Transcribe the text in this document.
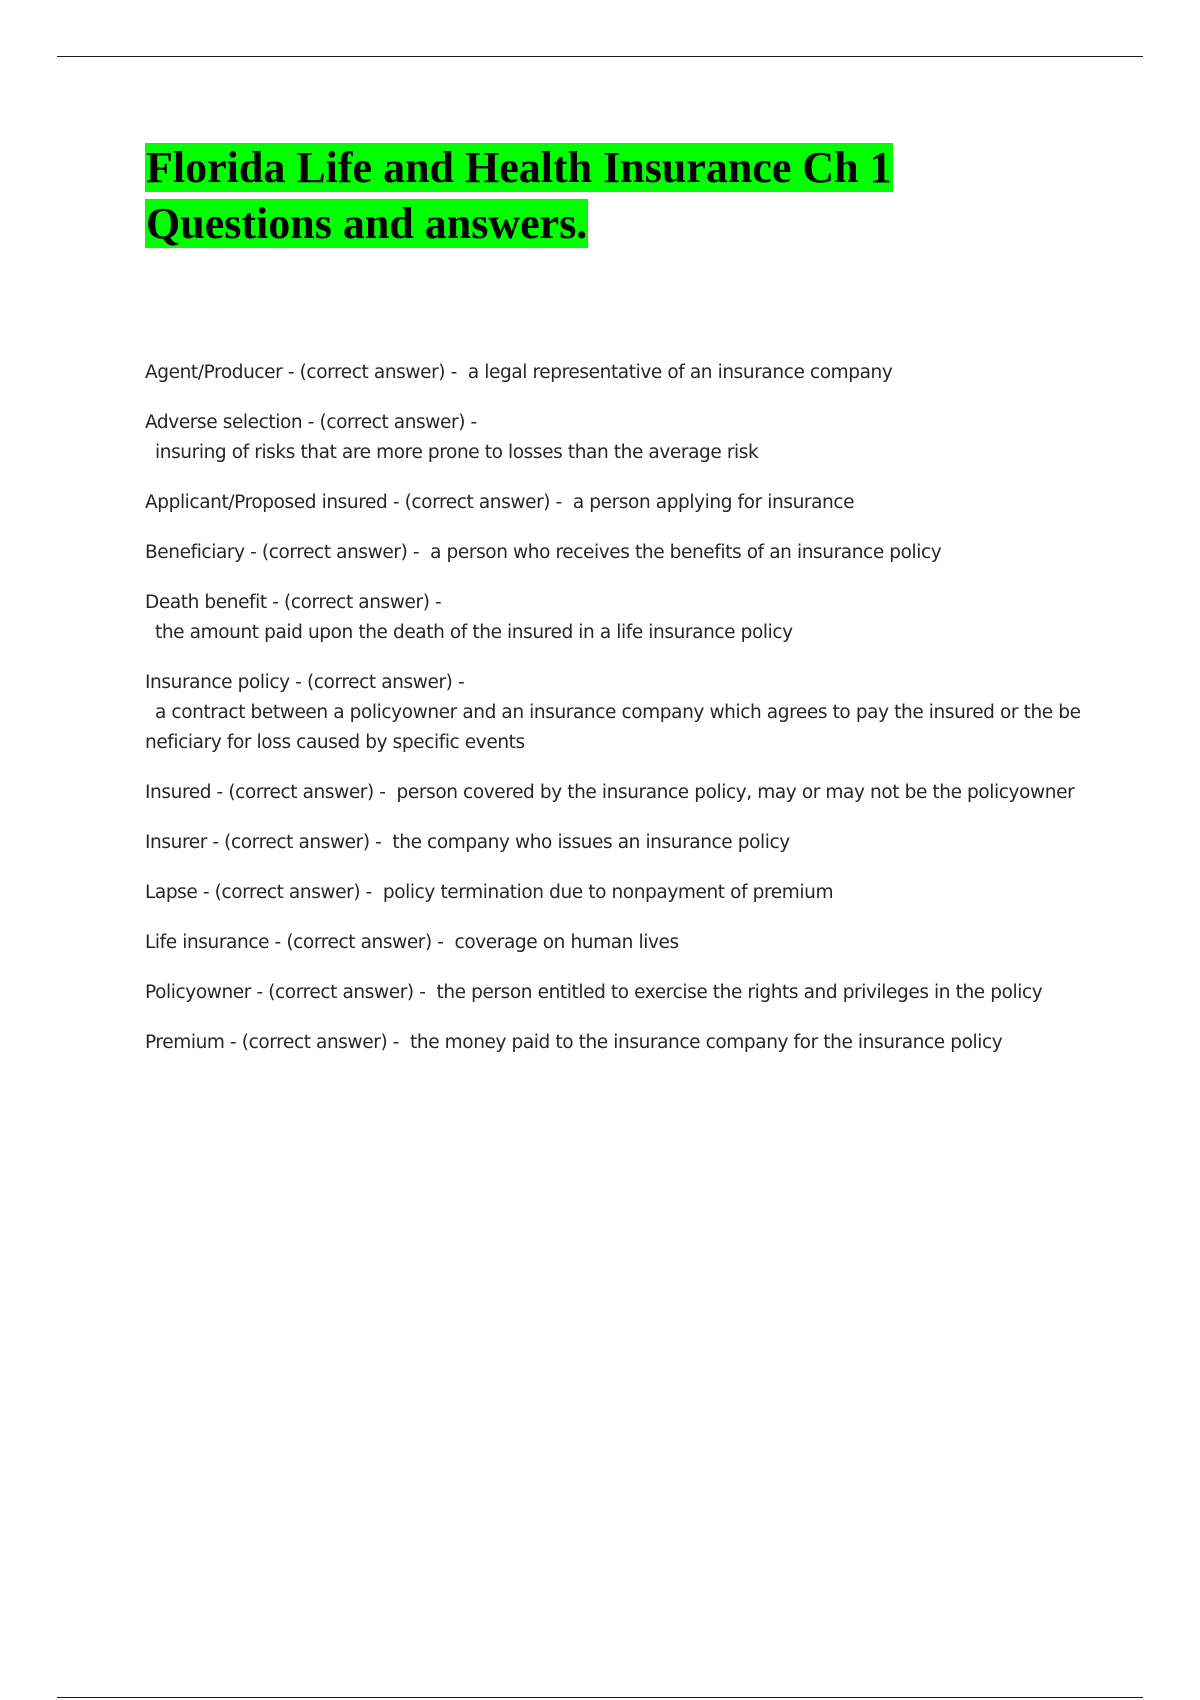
Florida Life and Health Insurance Ch 1 Questions and answers.

Agent/Producer - (correct answer) -  a legal representative of an insurance company

Adverse selection - (correct answer) -
insuring of risks that are more prone to losses than the average risk

Applicant/Proposed insured - (correct answer) -  a person applying for insurance

Beneficiary - (correct answer) -  a person who receives the benefits of an insurance policy

Death benefit - (correct answer) -
the amount paid upon the death of the insured in a life insurance policy

Insurance policy - (correct answer) -
a contract between a policyowner and an insurance company which agrees to pay the insured or the be
neficiary for loss caused by specific events

Insured - (correct answer) -  person covered by the insurance policy, may or may not be the policyowner

Insurer - (correct answer) -  the company who issues an insurance policy

Lapse - (correct answer) -  policy termination due to nonpayment of premium

Life insurance - (correct answer) -  coverage on human lives

Policyowner - (correct answer) -  the person entitled to exercise the rights and privileges in the policy

Premium - (correct answer) -  the money paid to the insurance company for the insurance policy
